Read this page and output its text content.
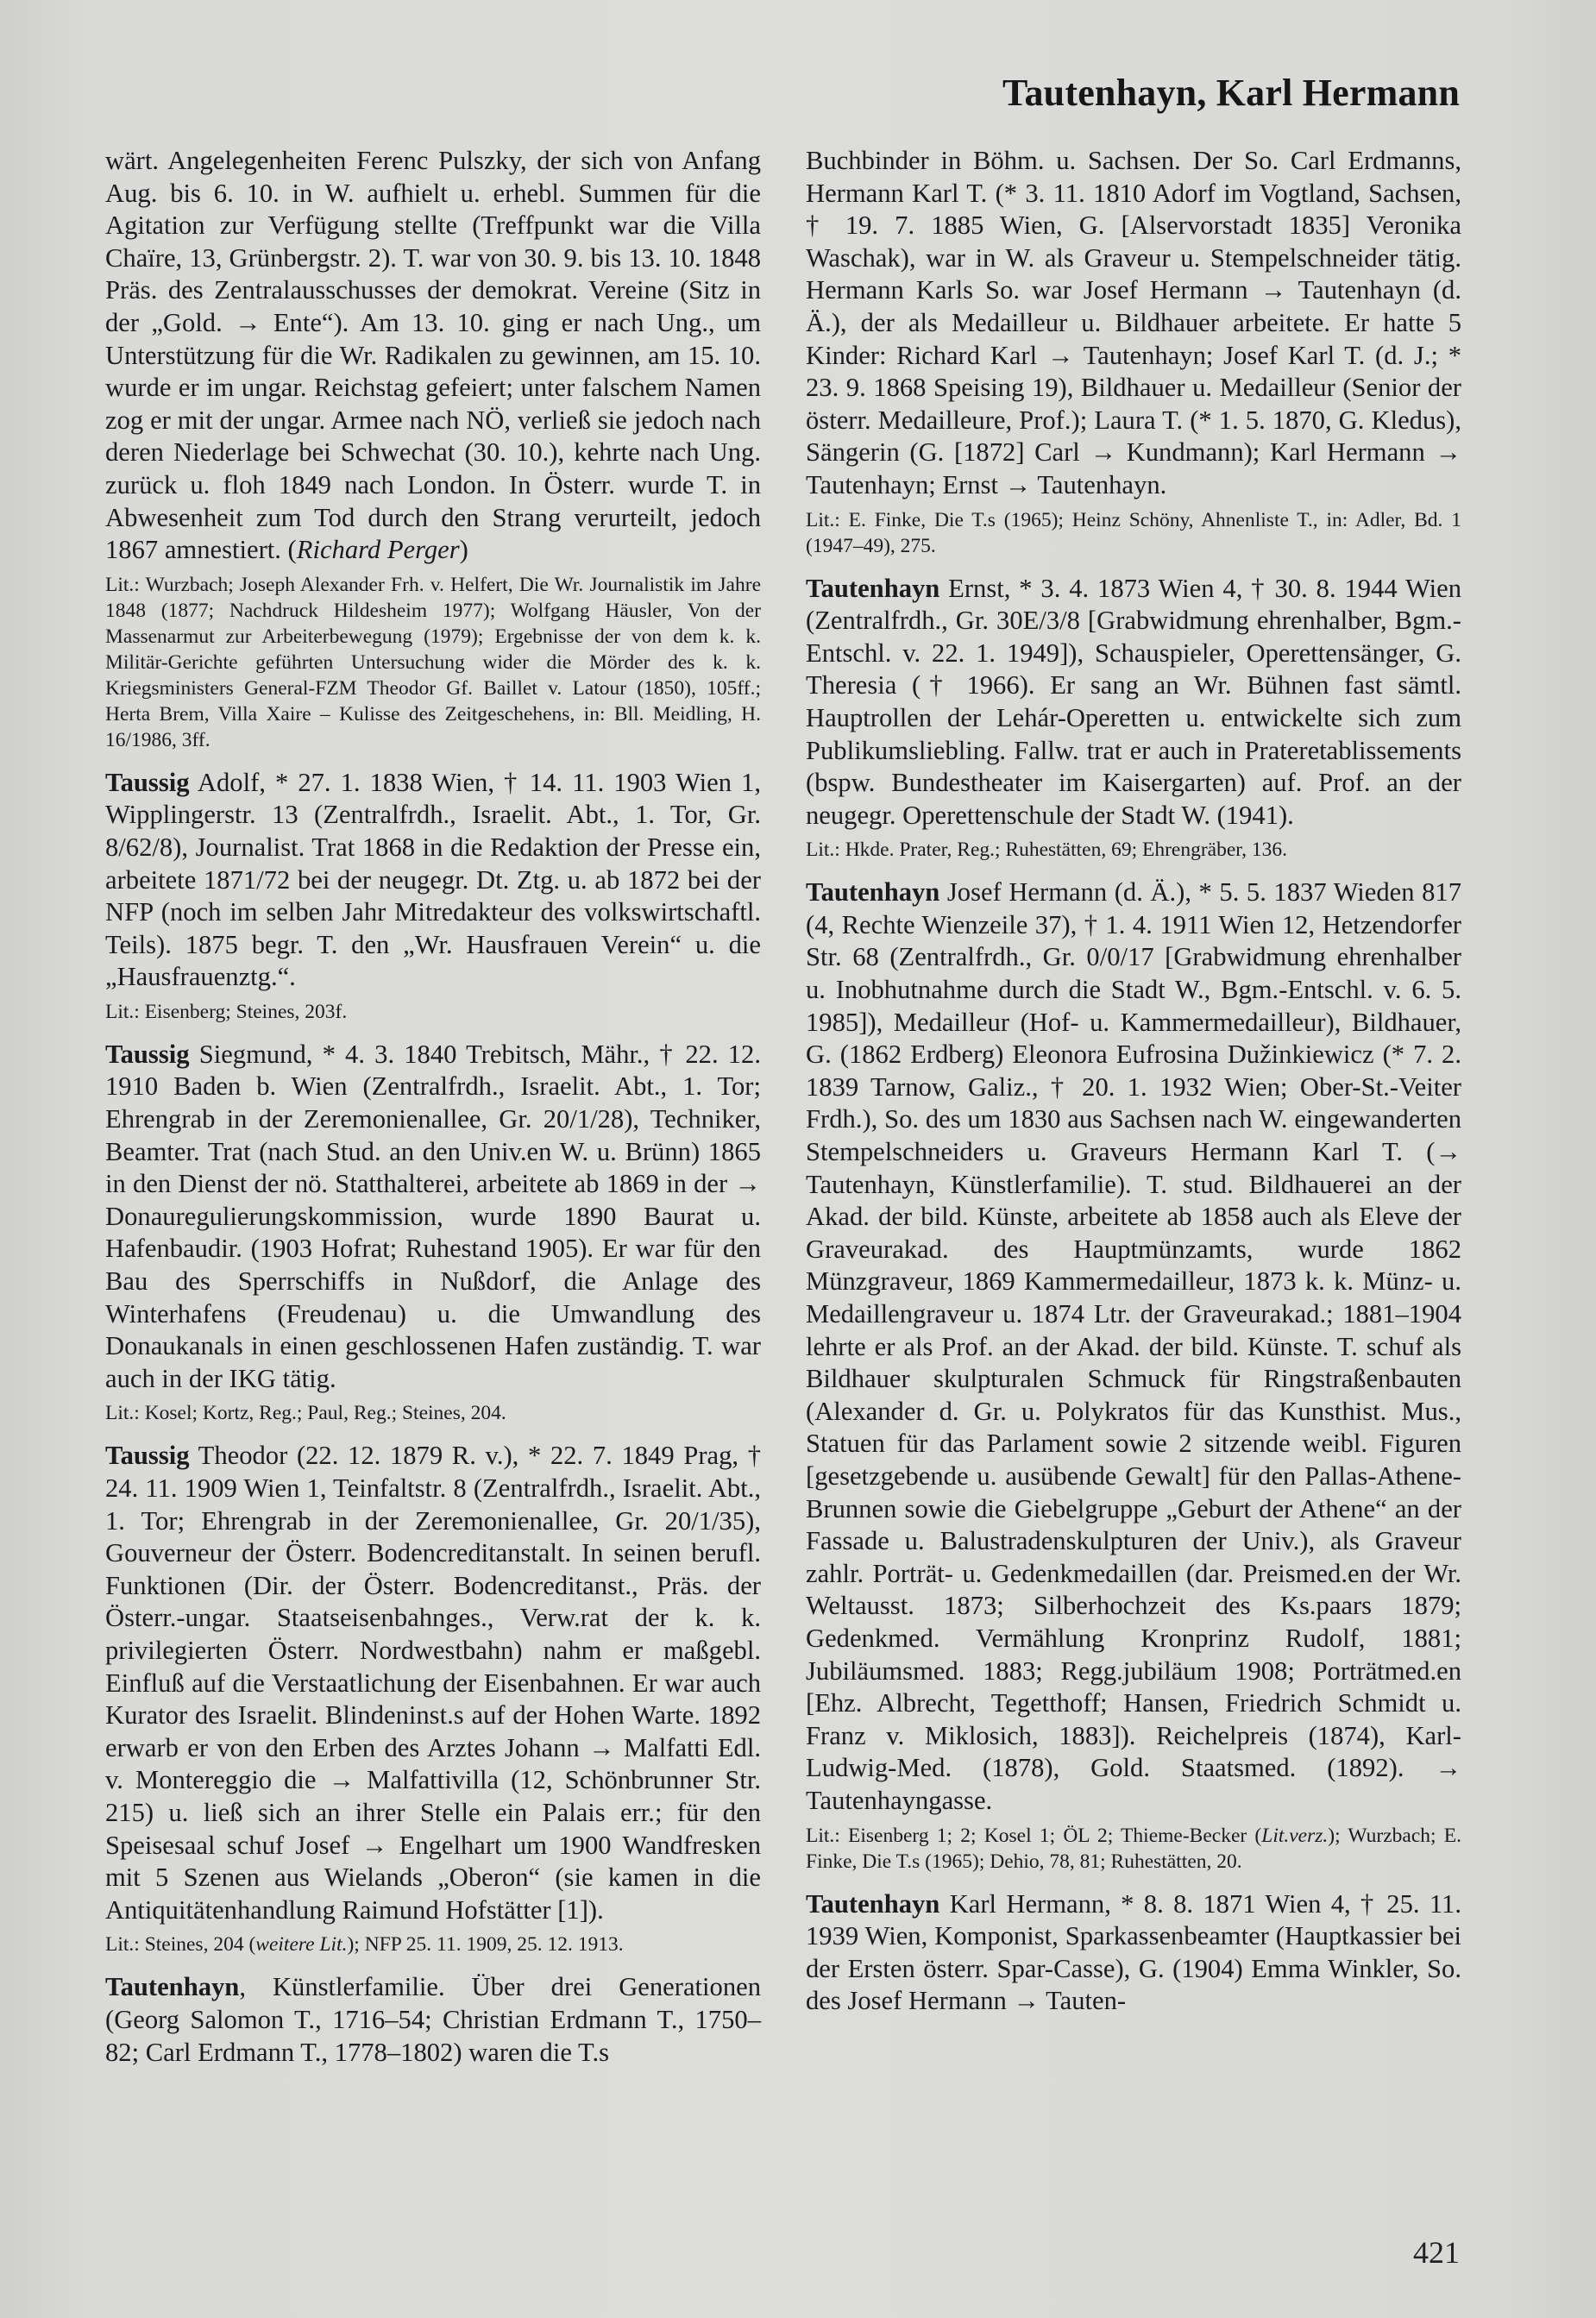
Tautenhayn, Karl Hermann

wärt. Angelegenheiten Ferenc Pulszky, der sich von Anfang Aug. bis 6. 10. in W. aufhielt u. erhebl. Summen für die Agitation zur Verfügung stellte (Treffpunkt war die Villa Chaïre, 13, Grünbergstr. 2). T. war von 30. 9. bis 13. 10. 1848 Präs. des Zentralausschusses der demokrat. Vereine (Sitz in der „Gold. → Ente“). Am 13. 10. ging er nach Ung., um Unterstützung für die Wr. Radikalen zu gewinnen, am 15. 10. wurde er im ungar. Reichstag gefeiert; unter falschem Namen zog er mit der ungar. Armee nach NÖ, verließ sie jedoch nach deren Niederlage bei Schwechat (30. 10.), kehrte nach Ung. zurück u. floh 1849 nach London. In Österr. wurde T. in Abwesenheit zum Tod durch den Strang verurteilt, jedoch 1867 amnestiert. (Richard Perger)

Lit.: Wurzbach; Joseph Alexander Frh. v. Helfert, Die Wr. Journalistik im Jahre 1848 (1877; Nachdruck Hildesheim 1977); Wolfgang Häusler, Von der Massenarmut zur Arbeiterbewegung (1979); Ergebnisse der von dem k. k. Militär-Gerichte geführten Untersuchung wider die Mörder des k. k. Kriegsministers General-FZM Theodor Gf. Baillet v. Latour (1850), 105ff.; Herta Brem, Villa Xaire – Kulisse des Zeitgeschehens, in: Bll. Meidling, H. 16/1986, 3ff.

Taussig Adolf, * 27. 1. 1838 Wien, † 14. 11. 1903 Wien 1, Wipplingerstr. 13 (Zentralfrdh., Israelit. Abt., 1. Tor, Gr. 8/62/8), Journalist. Trat 1868 in die Redaktion der Presse ein, arbeitete 1871/72 bei der neugegr. Dt. Ztg. u. ab 1872 bei der NFP (noch im selben Jahr Mitredakteur des volkswirtschaftl. Teils). 1875 begr. T. den „Wr. Hausfrauen Verein“ u. die „Hausfrauenztg.“.

Lit.: Eisenberg; Steines, 203f.

Taussig Siegmund, * 4. 3. 1840 Trebitsch, Mähr., † 22. 12. 1910 Baden b. Wien (Zentralfrdh., Israelit. Abt., 1. Tor; Ehrengrab in der Zeremonienallee, Gr. 20/1/28), Techniker, Beamter. Trat (nach Stud. an den Univ.en W. u. Brünn) 1865 in den Dienst der nö. Statthalterei, arbeitete ab 1869 in der → Donauregulierungskommission, wurde 1890 Baurat u. Hafenbaudir. (1903 Hofrat; Ruhestand 1905). Er war für den Bau des Sperrschiffs in Nußdorf, die Anlage des Winterhafens (Freudenau) u. die Umwandlung des Donaukanals in einen geschlossenen Hafen zuständig. T. war auch in der IKG tätig.

Lit.: Kosel; Kortz, Reg.; Paul, Reg.; Steines, 204.

Taussig Theodor (22. 12. 1879 R. v.), * 22. 7. 1849 Prag, † 24. 11. 1909 Wien 1, Teinfaltstr. 8 (Zentralfrdh., Israelit. Abt., 1. Tor; Ehrengrab in der Zeremonienallee, Gr. 20/1/35), Gouverneur der Österr. Bodencreditanstalt. In seinen berufl. Funktionen (Dir. der Österr. Bodencreditanst., Präs. der Österr.-ungar. Staatseisenbahnges., Verw.rat der k. k. privilegierten Österr. Nordwestbahn) nahm er maßgebl. Einfluß auf die Verstaatlichung der Eisenbahnen. Er war auch Kurator des Israelit. Blindeninst.s auf der Hohen Warte. 1892 erwarb er von den Erben des Arztes Johann → Malfatti Edl. v. Montereggio die → Malfattivilla (12, Schönbrunner Str. 215) u. ließ sich an ihrer Stelle ein Palais err.; für den Speisesaal schuf Josef → Engelhart um 1900 Wandfresken mit 5 Szenen aus Wielands „Oberon“ (sie kamen in die Antiquitätenhandlung Raimund Hofstätter [1]).

Lit.: Steines, 204 (weitere Lit.); NFP 25. 11. 1909, 25. 12. 1913.

Tautenhayn, Künstlerfamilie. Über drei Generationen (Georg Salomon T., 1716–54; Christian Erdmann T., 1750–82; Carl Erdmann T., 1778–1802) waren die T.s

Buchbinder in Böhm. u. Sachsen. Der So. Carl Erdmanns, Hermann Karl T. (* 3. 11. 1810 Adorf im Vogtland, Sachsen, † 19. 7. 1885 Wien, G. [Alservorstadt 1835] Veronika Waschak), war in W. als Graveur u. Stempelschneider tätig. Hermann Karls So. war Josef Hermann → Tautenhayn (d. Ä.), der als Medailleur u. Bildhauer arbeitete. Er hatte 5 Kinder: Richard Karl → Tautenhayn; Josef Karl T. (d. J.; * 23. 9. 1868 Speising 19), Bildhauer u. Medailleur (Senior der österr. Medailleure, Prof.); Laura T. (* 1. 5. 1870, G. Kledus), Sängerin (G. [1872] Carl → Kundmann); Karl Hermann → Tautenhayn; Ernst → Tautenhayn.

Lit.: E. Finke, Die T.s (1965); Heinz Schöny, Ahnenliste T., in: Adler, Bd. 1 (1947–49), 275.

Tautenhayn Ernst, * 3. 4. 1873 Wien 4, † 30. 8. 1944 Wien (Zentralfrdh., Gr. 30E/3/8 [Grabwidmung ehrenhalber, Bgm.-Entschl. v. 22. 1. 1949]), Schauspieler, Operettensänger, G. Theresia († 1966). Er sang an Wr. Bühnen fast sämtl. Hauptrollen der Lehár-Operetten u. entwickelte sich zum Publikumsliebling. Fallw. trat er auch in Prateretablissements (bspw. Bundestheater im Kaisergarten) auf. Prof. an der neugegr. Operettenschule der Stadt W. (1941).

Lit.: Hkde. Prater, Reg.; Ruhestätten, 69; Ehrengräber, 136.

Tautenhayn Josef Hermann (d. Ä.), * 5. 5. 1837 Wieden 817 (4, Rechte Wienzeile 37), † 1. 4. 1911 Wien 12, Hetzendorfer Str. 68 (Zentralfrdh., Gr. 0/0/17 [Grabwidmung ehrenhalber u. Inobhutnahme durch die Stadt W., Bgm.-Entschl. v. 6. 5. 1985]), Medailleur (Hof- u. Kammermedailleur), Bildhauer, G. (1862 Erdberg) Eleonora Eufrosina Dužinkiewicz (* 7. 2. 1839 Tarnow, Galiz., † 20. 1. 1932 Wien; Ober-St.-Veiter Frdh.), So. des um 1830 aus Sachsen nach W. eingewanderten Stempelschneiders u. Graveurs Hermann Karl T. (→ Tautenhayn, Künstlerfamilie). T. stud. Bildhauerei an der Akad. der bild. Künste, arbeitete ab 1858 auch als Eleve der Graveurakad. des Hauptmünzamts, wurde 1862 Münzgraveur, 1869 Kammermedailleur, 1873 k. k. Münz- u. Medaillengraveur u. 1874 Ltr. der Graveurakad.; 1881–1904 lehrte er als Prof. an der Akad. der bild. Künste. T. schuf als Bildhauer skulpturalen Schmuck für Ringstraßenbauten (Alexander d. Gr. u. Polykratos für das Kunsthist. Mus., Statuen für das Parlament sowie 2 sitzende weibl. Figuren [gesetzgebende u. ausübende Gewalt] für den Pallas-Athene-Brunnen sowie die Giebelgruppe „Geburt der Athene“ an der Fassade u. Balustradenskulpturen der Univ.), als Graveur zahlr. Porträt- u. Gedenkmedaillen (dar. Preismed.en der Wr. Weltausst. 1873; Silberhochzeit des Ks.paars 1879; Gedenkmed. Vermählung Kronprinz Rudolf, 1881; Jubiläumsmed. 1883; Regg.jubiläum 1908; Porträtmed.en [Ehz. Albrecht, Tegetthoff; Hansen, Friedrich Schmidt u. Franz v. Miklosich, 1883]). Reichelpreis (1874), Karl-Ludwig-Med. (1878), Gold. Staatsmed. (1892). → Tautenhayngasse.

Lit.: Eisenberg 1; 2; Kosel 1; ÖL 2; Thieme-Becker (Lit.verz.); Wurzbach; E. Finke, Die T.s (1965); Dehio, 78, 81; Ruhestätten, 20.

Tautenhayn Karl Hermann, * 8. 8. 1871 Wien 4, † 25. 11. 1939 Wien, Komponist, Sparkassenbeamter (Hauptkassier bei der Ersten österr. Spar-Casse), G. (1904) Emma Winkler, So. des Josef Hermann → Tauten-

421
